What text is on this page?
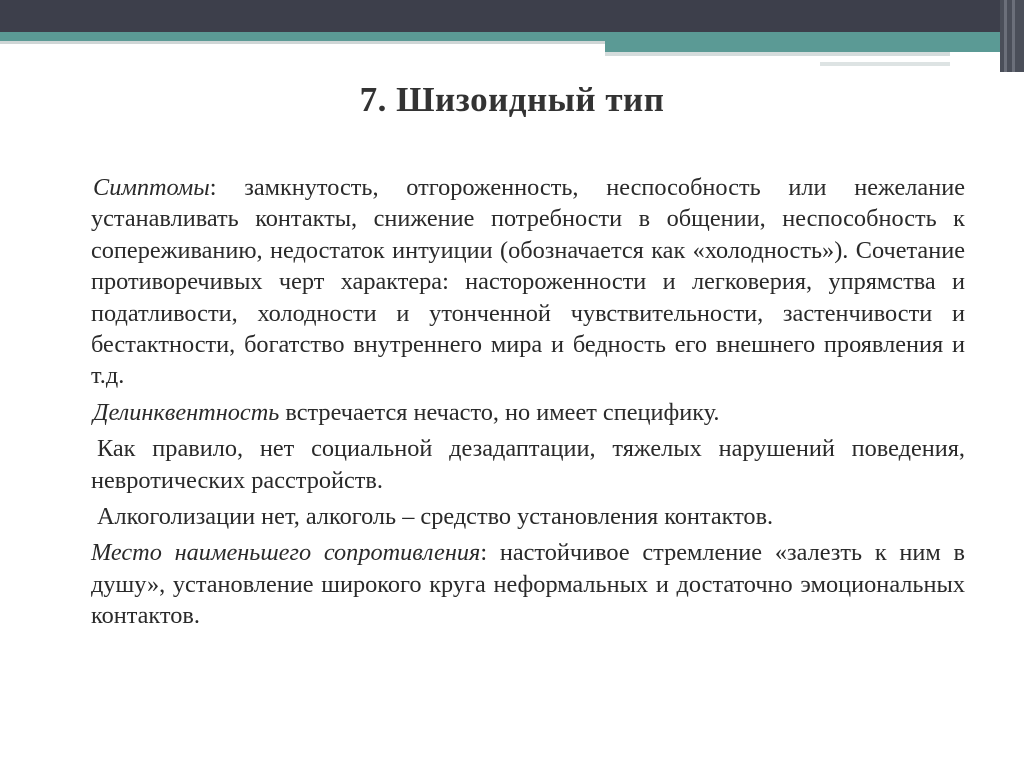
7. Шизоидный тип

Симптомы: замкнутость, отгороженность, неспособность или нежелание устанавливать контакты, снижение потребности в общении, неспособность к сопереживанию, недостаток интуиции (обозначается как «холодность»). Сочетание противоречивых черт характера: настороженности и легковерия, упрямства и податливости, холодности и утонченной чувствительности, застенчивости и бестактности, богатство внутреннего мира и бедность его внешнего проявления и т.д.

Делинквентность встречается нечасто, но имеет специфику.

Как правило, нет социальной дезадаптации, тяжелых нарушений поведения, невротических расстройств.

Алкоголизации нет, алкоголь – средство установления контактов.

Место наименьшего сопротивления: настойчивое стремление «залезть к ним в душу», установление широкого круга неформальных и достаточно эмоциональных контактов.
